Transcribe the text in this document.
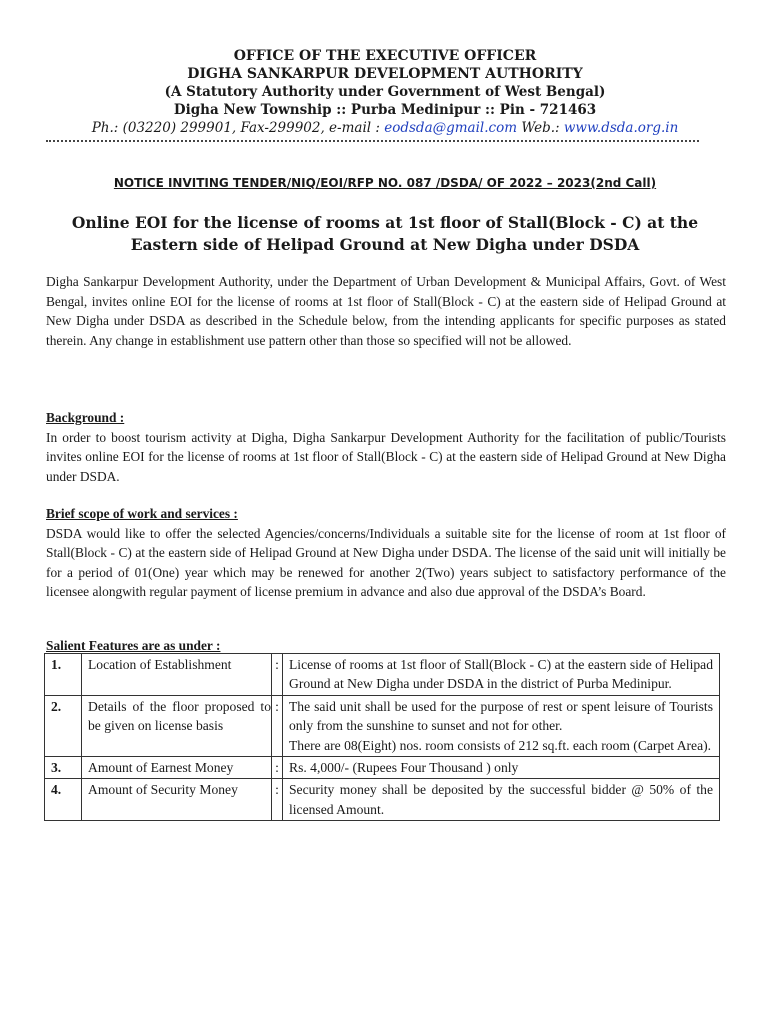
OFFICE OF THE EXECUTIVE OFFICER
DIGHA SANKARPUR DEVELOPMENT AUTHORITY
(A Statutory Authority under Government of West Bengal)
Digha New Township :: Purba Medinipur :: Pin - 721463
Ph.: (03220) 299901, Fax-299902, e-mail : eodsda@gmail.com Web.: www.dsda.org.in
NOTICE INVITING TENDER/NIQ/EOI/RFP NO. 087 /DSDA/ OF 2022 – 2023(2nd Call)
Online EOI for the license of rooms at 1st floor of Stall(Block - C) at the Eastern side of Helipad Ground at New Digha under DSDA
Digha Sankarpur Development Authority, under the Department of Urban Development & Municipal Affairs, Govt. of West Bengal, invites online EOI for the license of rooms at 1st floor of Stall(Block - C) at the eastern side of Helipad Ground at New Digha under DSDA as described in the Schedule below, from the intending applicants for specific purposes as stated therein. Any change in establishment use pattern other than those so specified will not be allowed.
Background :
In order to boost tourism activity at Digha, Digha Sankarpur Development Authority for the facilitation of public/Tourists invites online EOI for the license of rooms at 1st floor of Stall(Block - C) at the eastern side of Helipad Ground at New Digha under DSDA.
Brief scope of work and services :
DSDA would like to offer the selected Agencies/concerns/Individuals a suitable site for the license of room at 1st floor of Stall(Block - C) at the eastern side of Helipad Ground at New Digha under DSDA. The license of the said unit will initially be for a period of 01(One) year which may be renewed for another 2(Two) years subject to satisfactory performance of the licensee alongwith regular payment of license premium in advance and also due approval of the DSDA’s Board.
Salient Features are as under :
1.	Location of Establishment	:	License of rooms at 1st floor of Stall(Block - C) at the eastern side of Helipad Ground at New Digha under DSDA in the district of Purba Medinipur.

2.	Details of the floor proposed to be given on license basis	:	The said unit shall be used for the purpose of rest or spent leisure of Tourists only from the sunshine to sunset and not for other.
There are 08(Eight) nos. room consists of 212 sq.ft. each room (Carpet Area).

3.	Amount of Earnest Money	:	Rs. 4,000/- (Rupees Four Thousand ) only

4.	Amount of Security Money	:	Security money shall be deposited by the successful bidder @ 50% of the licensed Amount.
